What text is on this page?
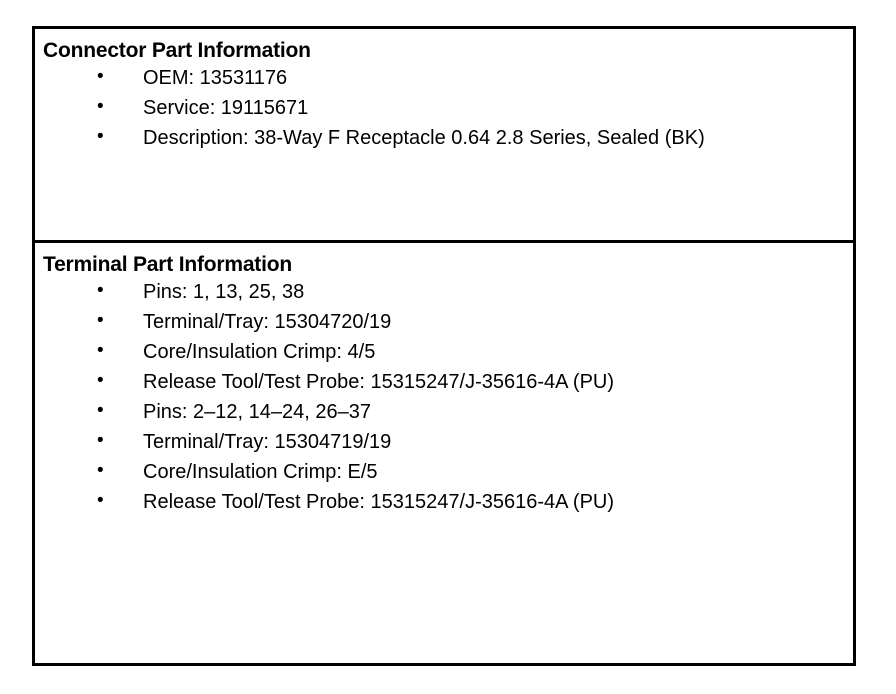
Connector Part Information
• OEM: 13531176
• Service: 19115671
• Description: 38-Way F Receptacle 0.64 2.8 Series, Sealed (BK)
Terminal Part Information
• Pins: 1, 13, 25, 38
• Terminal/Tray: 15304720/19
• Core/Insulation Crimp: 4/5
• Release Tool/Test Probe: 15315247/J-35616-4A (PU)
• Pins: 2–12, 14–24, 26–37
• Terminal/Tray: 15304719/19
• Core/Insulation Crimp: E/5
• Release Tool/Test Probe: 15315247/J-35616-4A (PU)
